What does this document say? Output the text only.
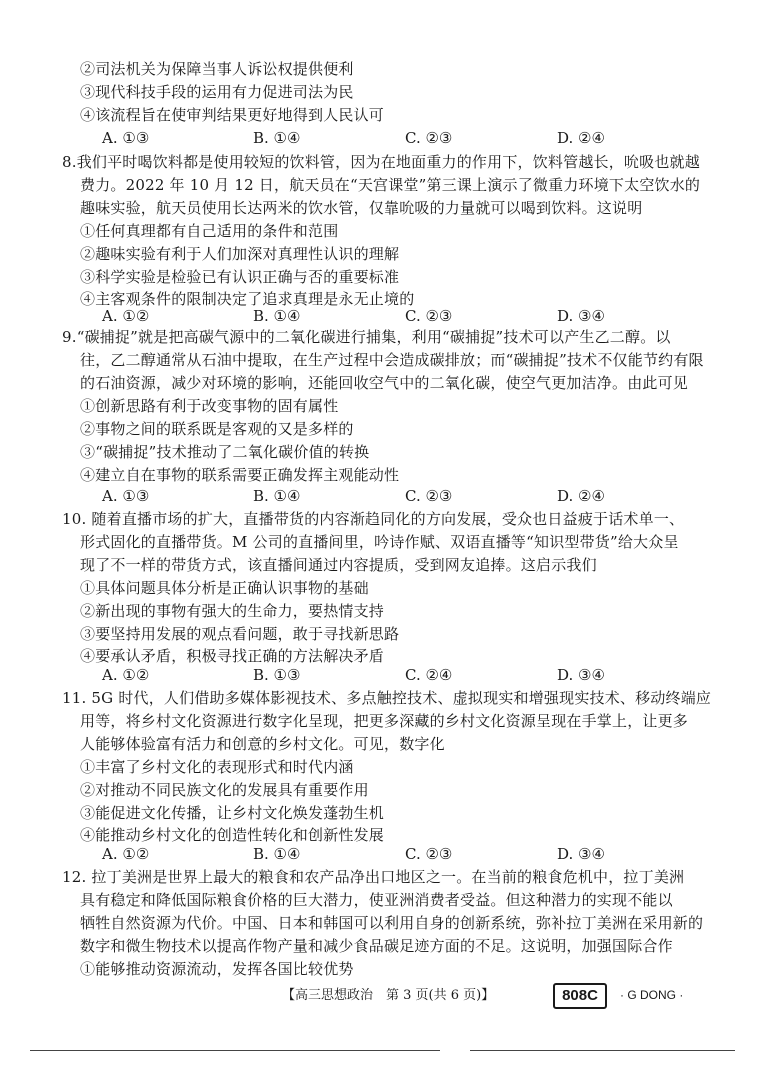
②司法机关为保障当事人诉讼权提供便利
③现代科技手段的运用有力促进司法为民
④该流程旨在使审判结果更好地得到人民认可
A. ①③	B. ①④	C. ②③	D. ②④
8.我们平时喝饮料都是使用较短的饮料管，因为在地面重力的作用下，饮料管越长，吮吸也就越
费力。2022 年 10 月 12 日，航天员在“天宫课堂”第三课上演示了微重力环境下太空饮水的
趣味实验，航天员使用长达两米的饮水管，仅靠吮吸的力量就可以喝到饮料。这说明
①任何真理都有自己适用的条件和范围
②趣味实验有利于人们加深对真理性认识的理解
③科学实验是检验已有认识正确与否的重要标准
④主客观条件的限制决定了追求真理是永无止境的
A. ①②	B. ①④	C. ②③	D. ③④
9.“碳捕捉”就是把高碳气源中的二氧化碳进行捕集，利用“碳捕捉”技术可以产生乙二醇。以
往，乙二醇通常从石油中提取，在生产过程中会造成碳排放；而“碳捕捉”技术不仅能节约有限
的石油资源，减少对环境的影响，还能回收空气中的二氧化碳，使空气更加洁净。由此可见
①创新思路有利于改变事物的固有属性
②事物之间的联系既是客观的又是多样的
③“碳捕捉”技术推动了二氧化碳价值的转换
④建立自在事物的联系需要正确发挥主观能动性
A. ①③	B. ①④	C. ②③	D. ②④
10. 随着直播市场的扩大，直播带货的内容渐趋同化的方向发展，受众也日益疲于话术单一、
形式固化的直播带货。M 公司的直播间里，吟诗作赋、双语直播等“知识型带货”给大众呈
现了不一样的带货方式，该直播间通过内容提质，受到网友追捧。这启示我们
①具体问题具体分析是正确认识事物的基础
②新出现的事物有强大的生命力，要热情支持
③要坚持用发展的观点看问题，敢于寻找新思路
④要承认矛盾，积极寻找正确的方法解决矛盾
A. ①②	B. ①③	C. ②④	D. ③④
11. 5G 时代，人们借助多媒体影视技术、多点触控技术、虚拟现实和增强现实技术、移动终端应
用等，将乡村文化资源进行数字化呈现，把更多深藏的乡村文化资源呈现在手掌上，让更多
人能够体验富有活力和创意的乡村文化。可见，数字化
①丰富了乡村文化的表现形式和时代内涵
②对推动不同民族文化的发展具有重要作用
③能促进文化传播，让乡村文化焕发蓬勃生机
④能推动乡村文化的创造性转化和创新性发展
A. ①②	B. ①④	C. ②③	D. ③④
12. 拉丁美洲是世界上最大的粮食和农产品净出口地区之一。在当前的粮食危机中，拉丁美洲
具有稳定和降低国际粮食价格的巨大潜力，使亚洲消费者受益。但这种潜力的实现不能以
牺牲自然资源为代价。中国、日本和韩国可以利用自身的创新系统，弥补拉丁美洲在采用新的
数字和微生物技术以提高作物产量和减少食品碳足迹方面的不足。这说明，加强国际合作
①能够推动资源流动，发挥各国比较优势
【高三思想政治　第 3 页(共 6 页)】	808C	· G DONG ·
